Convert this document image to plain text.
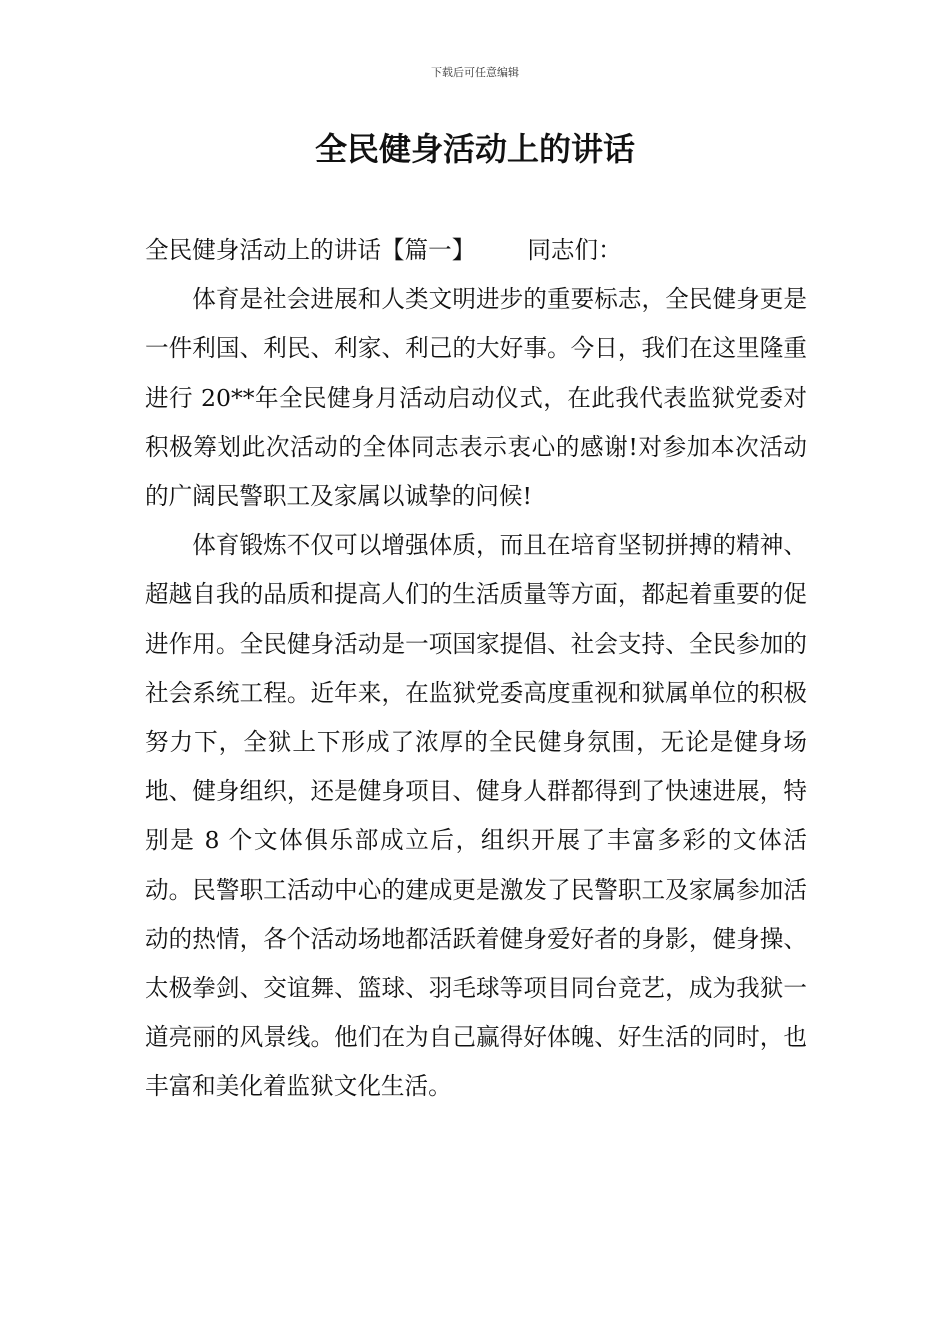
下载后可任意编辑
全民健身活动上的讲话

全民健身活动上的讲话【篇一】 同志们：

体育是社会进展和人类文明进步的重要标志，全民健身更是一件利国、利民、利家、利己的大好事。今日，我们在这里隆重进行 20**年全民健身月活动启动仪式，在此我代表监狱党委对积极筹划此次活动的全体同志表示衷心的感谢!对参加本次活动的广阔民警职工及家属以诚挚的问候!

体育锻炼不仅可以增强体质，而且在培育坚韧拼搏的精神、超越自我的品质和提高人们的生活质量等方面，都起着重要的促进作用。全民健身活动是一项国家提倡、社会支持、全民参加的社会系统工程。近年来，在监狱党委高度重视和狱属单位的积极努力下，全狱上下形成了浓厚的全民健身氛围，无论是健身场地、健身组织，还是健身项目、健身人群都得到了快速进展，特别是 8 个文体俱乐部成立后，组织开展了丰富多彩的文体活动。民警职工活动中心的建成更是激发了民警职工及家属参加活动的热情，各个活动场地都活跃着健身爱好者的身影，健身操、太极拳剑、交谊舞、篮球、羽毛球等项目同台竞艺，成为我狱一道亮丽的风景线。他们在为自己赢得好体魄、好生活的同时，也丰富和美化着监狱文化生活。
